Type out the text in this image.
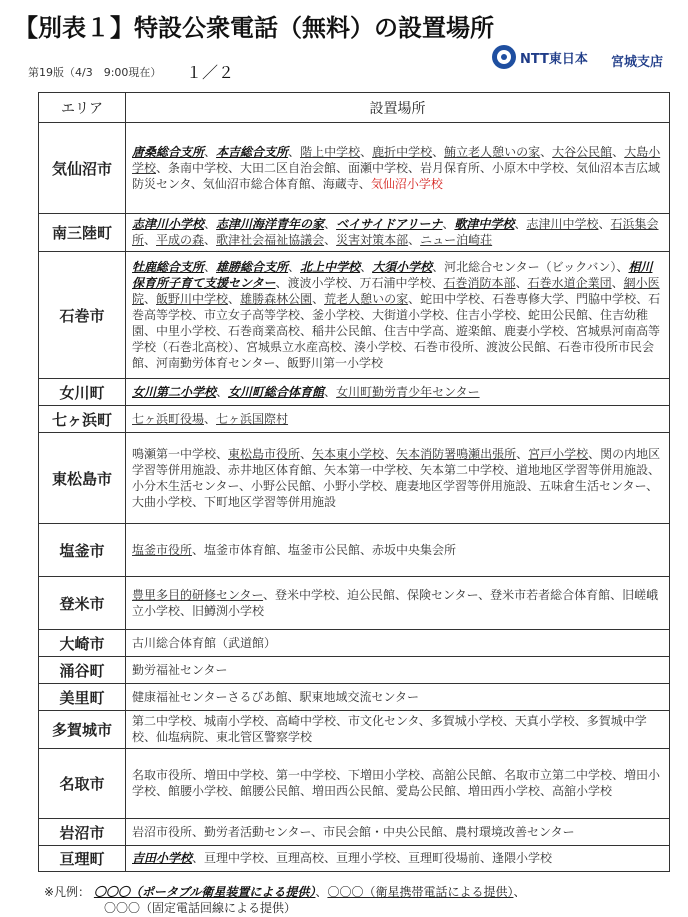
【別表１】特設公衆電話（無料）の設置場所
第19版（4/3　9:00現在） １／２
NTT東日本 宮城支店
エリア	設置場所
気仙沼市	唐桑総合支所、本吉総合支所、階上中学校、鹿折中学校、鮪立老人憩いの家、大谷公民館、大島小学校、条南中学校、大田二区自治会館、面瀬中学校、岩月保育所、小原木中学校、気仙沼本吉広域防災センタ、気仙沼市総合体育館、海蔵寺、気仙沼小学校
南三陸町	志津川小学校、志津川海洋青年の家、ベイサイドアリーナ、歌津中学校、志津川中学校、石浜集会所、平成の森、歌津社会福祉協議会、災害対策本部、ニュー泊崎荘
石巻市	牡鹿総合支所、雄勝総合支所、北上中学校、大須小学校、河北総合センター（ビックバン）、相川保育所子育て支援センター、渡波小学校、万石浦中学校、石巻消防本部、石巻水道企業団、網小医院、飯野川中学校、雄勝森林公園、荒老人憩いの家、蛇田中学校、石巻専修大学、門脇中学校、石巻高等学校、市立女子高等学校、釜小学校、大街道小学校、住吉小学校、蛇田公民館、住吉幼稚園、中里小学校、石巻商業高校、稲井公民館、住吉中学高、遊楽館、鹿妻小学校、宮城県河南高等学校（石巻北高校）、宮城県立水産高校、湊小学校、石巻市役所、渡波公民館、石巻市役所市民会館、河南勤労体育センター、飯野川第一小学校
女川町	女川第二小学校、女川町総合体育館、女川町勤労青少年センター
七ヶ浜町	七ヶ浜町役場、七ヶ浜国際村
東松島市	鳴瀬第一中学校、東松島市役所、矢本東小学校、矢本消防署鳴瀬出張所、宮戸小学校、関の内地区学習等併用施設、赤井地区体育館、矢本第一中学校、矢本第二中学校、道地地区学習等併用施設、小分木生活センター、小野公民館、小野小学校、鹿妻地区学習等併用施設、五味倉生活センター、大曲小学校、下町地区学習等併用施設
塩釜市	塩釜市役所、塩釜市体育館、塩釜市公民館、赤坂中央集会所
登米市	豊里多目的研修センター、登米中学校、迫公民館、保険センター、登米市若者総合体育館、旧嵯峨立小学校、旧鱒渕小学校
大崎市	古川総合体育館（武道館）
涌谷町	勤労福祉センター
美里町	健康福祉センターさるびあ館、駅東地域交流センター
多賀城市	第二中学校、城南小学校、高崎中学校、市文化センタ、多賀城小学校、天真小学校、多賀城中学校、仙塩病院、東北管区警察学校
名取市	名取市役所、増田中学校、第一中学校、下増田小学校、高舘公民館、名取市立第二中学校、増田小学校、館腰小学校、館腰公民館、増田西公民館、愛島公民館、増田西小学校、高舘小学校
岩沼市	岩沼市役所、勤労者活動センター、市民会館・中央公民館、農村環境改善センター
亘理町	吉田小学校、亘理中学校、亘理高校、亘理小学校、亘理町役場前、逢隈小学校
※凡例： 〇〇〇（ポータブル衛星装置による提供）、〇〇〇（衛星携帯電話による提供）、
〇〇〇（固定電話回線による提供）
